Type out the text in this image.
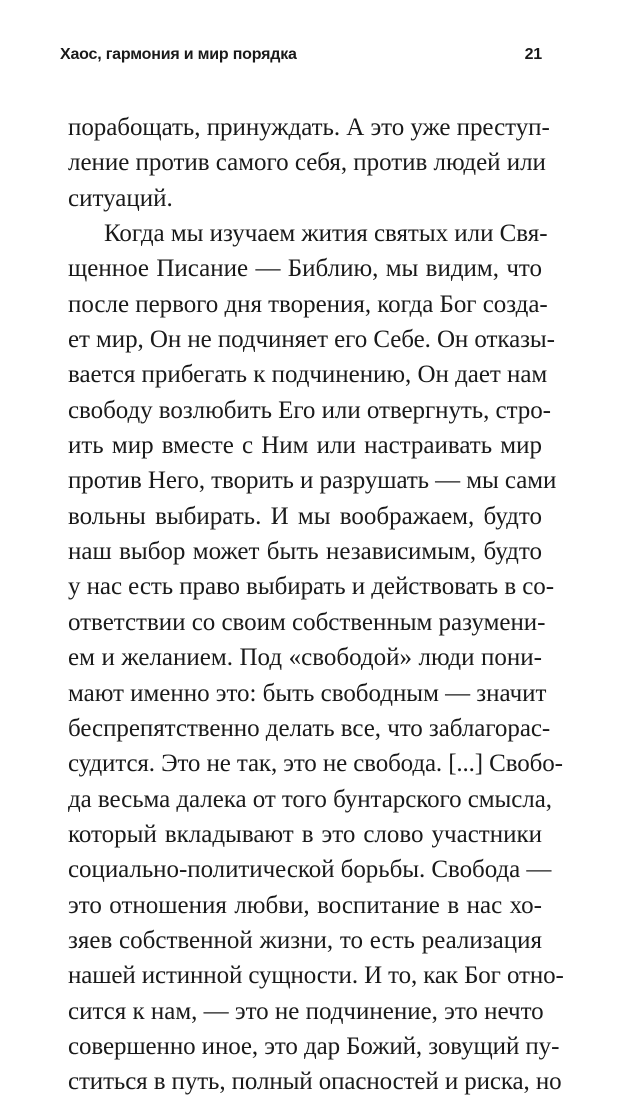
Хаос, гармония и мир порядка	21
порабощать, принуждать. А это уже преступ-
ление против самого себя, против людей или
ситуаций.
Когда мы изучаем жития святых или Свя-
щенное Писание — Библию, мы видим, что
после первого дня творения, когда Бог созда-
ет мир, Он не подчиняет его Себе. Он отказы-
вается прибегать к подчинению, Он дает нам
свободу возлюбить Его или отвергнуть, стро-
ить мир вместе с Ним или настраивать мир
против Него, творить и разрушать — мы сами
вольны выбирать. И мы воображаем, будто
наш выбор может быть независимым, будто
у нас есть право выбирать и действовать в со-
ответствии со своим собственным разумени-
ем и желанием. Под «свободой» люди пони-
мают именно это: быть свободным — значит
беспрепятственно делать все, что заблагорас-
судится. Это не так, это не свобода. [...] Свобо-
да весьма далека от того бунтарского смысла,
который вкладывают в это слово участники
социально-политической борьбы. Свобода —
это отношения любви, воспитание в нас хо-
зяев собственной жизни, то есть реализация
нашей истинной сущности. И то, как Бог отно-
сится к нам, — это не подчинение, это нечто
совершенно иное, это дар Божий, зовущий пу-
ститься в путь, полный опасностей и риска, но
